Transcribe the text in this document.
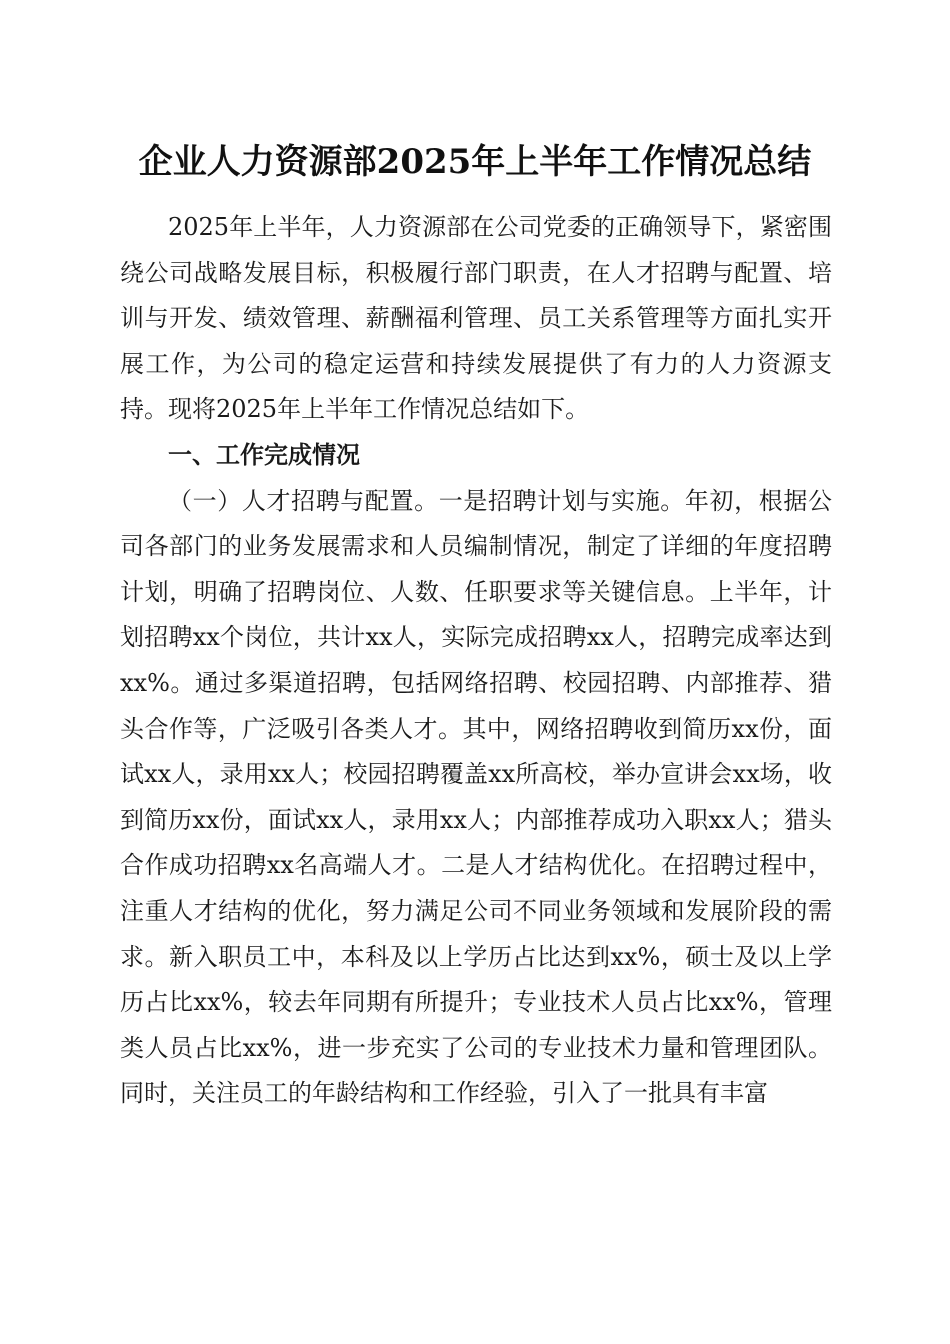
企业人力资源部2025年上半年工作情况总结

2025年上半年，人力资源部在公司党委的正确领导下，紧密围绕公司战略发展目标，积极履行部门职责，在人才招聘与配置、培训与开发、绩效管理、薪酬福利管理、员工关系管理等方面扎实开展工作，为公司的稳定运营和持续发展提供了有力的人力资源支持。现将2025年上半年工作情况总结如下。

一、工作完成情况

（一）人才招聘与配置。一是招聘计划与实施。年初，根据公司各部门的业务发展需求和人员编制情况，制定了详细的年度招聘计划，明确了招聘岗位、人数、任职要求等关键信息。上半年，计划招聘xx个岗位，共计xx人，实际完成招聘xx人，招聘完成率达到xx%。通过多渠道招聘，包括网络招聘、校园招聘、内部推荐、猎头合作等，广泛吸引各类人才。其中，网络招聘收到简历xx份，面试xx人，录用xx人；校园招聘覆盖xx所高校，举办宣讲会xx场，收到简历xx份，面试xx人，录用xx人；内部推荐成功入职xx人；猎头合作成功招聘xx名高端人才。二是人才结构优化。在招聘过程中，注重人才结构的优化，努力满足公司不同业务领域和发展阶段的需求。新入职员工中，本科及以上学历占比达到xx%，硕士及以上学历占比xx%，较去年同期有所提升；专业技术人员占比xx%，管理类人员占比xx%，进一步充实了公司的专业技术力量和管理团队。同时，关注员工的年龄结构和工作经验，引入了一批具有丰富
